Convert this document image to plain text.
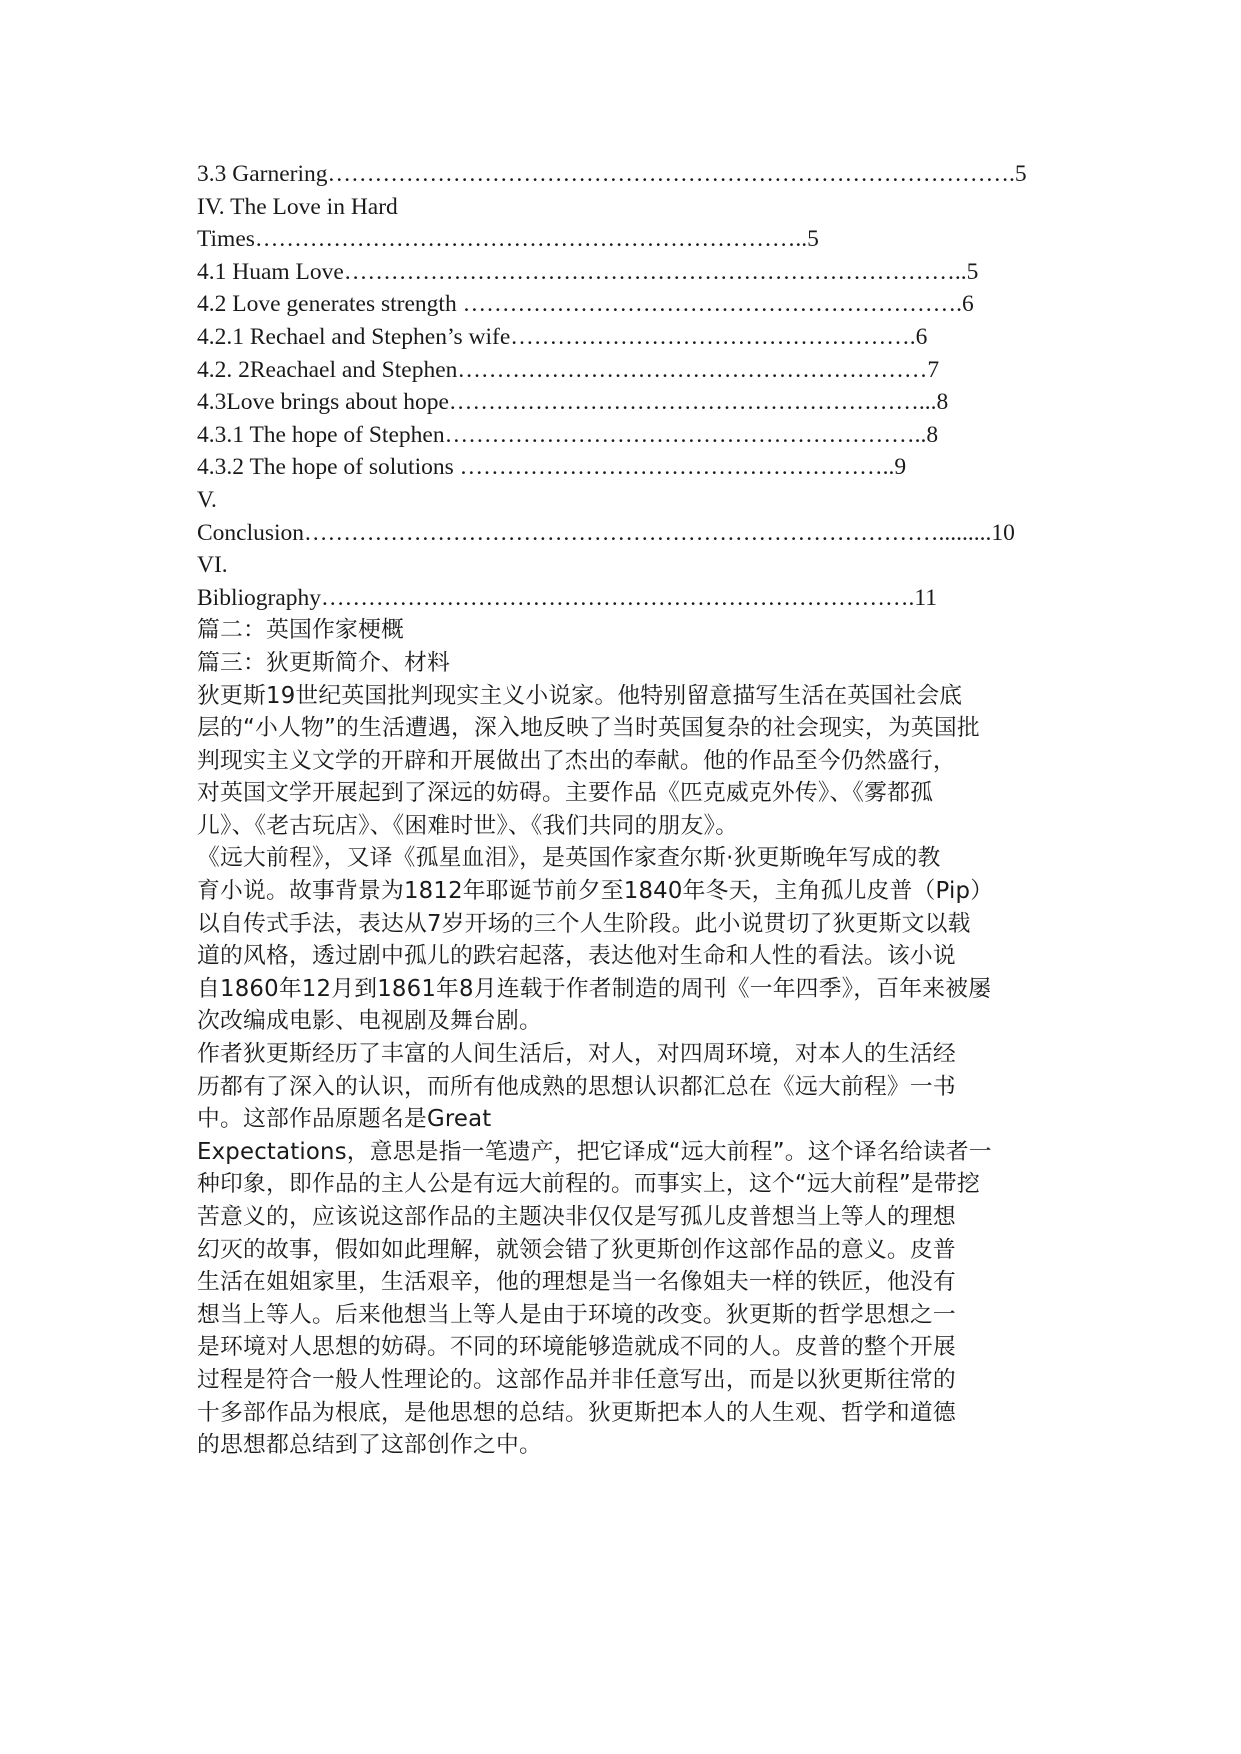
3.3 Garnering…………………………………………………………………………….5
IV. The Love in Hard
Times……………………………………………………………..5
4.1 Huam Love……………………………………………………………………..5
4.2 Love generates strength ……………………………………………………….6
4.2.1 Rechael and Stephen’s wife…………………………………………….6
4.2. 2Reachael and Stephen……………………………………………………7
4.3Love brings about hope……………………………………………………...8
4.3.1 The hope of Stephen……………………………………………………..8
4.3.2 The hope of solutions ………………………………………………..9
V.
Conclusion……………………………………………………………………….........10
VI.
Bibliography………………………………………………………………….11
篇二：英国作家梗概
篇三：狄更斯简介、材料
狄更斯19世纪英国批判现实主义小说家。他特别留意描写生活在英国社会底
层的“小人物”的生活遭遇，深入地反映了当时英国复杂的社会现实，为英国批
判现实主义文学的开辟和开展做出了杰出的奉献。他的作品至今仍然盛行，
对英国文学开展起到了深远的妨碍。主要作品《匹克威克外传》、《雾都孤
儿》、《老古玩店》、《困难时世》、《我们共同的朋友》。
《远大前程》，又译《孤星血泪》，是英国作家查尔斯·狄更斯晚年写成的教
育小说。故事背景为1812年耶诞节前夕至1840年冬天，主角孤儿皮普（Pip）
以自传式手法，表达从7岁开场的三个人生阶段。此小说贯切了狄更斯文以载
道的风格，透过剧中孤儿的跌宕起落，表达他对生命和人性的看法。该小说
自1860年12月到1861年8月连载于作者制造的周刊《一年四季》，百年来被屡
次改编成电影、电视剧及舞台剧。
作者狄更斯经历了丰富的人间生活后，对人，对四周环境，对本人的生活经
历都有了深入的认识，而所有他成熟的思想认识都汇总在《远大前程》一书
中。这部作品原题名是Great
Expectations，意思是指一笔遗产，把它译成“远大前程”。这个译名给读者一
种印象，即作品的主人公是有远大前程的。而事实上，这个“远大前程”是带挖
苦意义的，应该说这部作品的主题决非仅仅是写孤儿皮普想当上等人的理想
幻灭的故事，假如如此理解，就领会错了狄更斯创作这部作品的意义。皮普
生活在姐姐家里，生活艰辛，他的理想是当一名像姐夫一样的铁匠，他没有
想当上等人。后来他想当上等人是由于环境的改变。狄更斯的哲学思想之一
是环境对人思想的妨碍。不同的环境能够造就成不同的人。皮普的整个开展
过程是符合一般人性理论的。这部作品并非任意写出，而是以狄更斯往常的
十多部作品为根底，是他思想的总结。狄更斯把本人的人生观、哲学和道德
的思想都总结到了这部创作之中。
